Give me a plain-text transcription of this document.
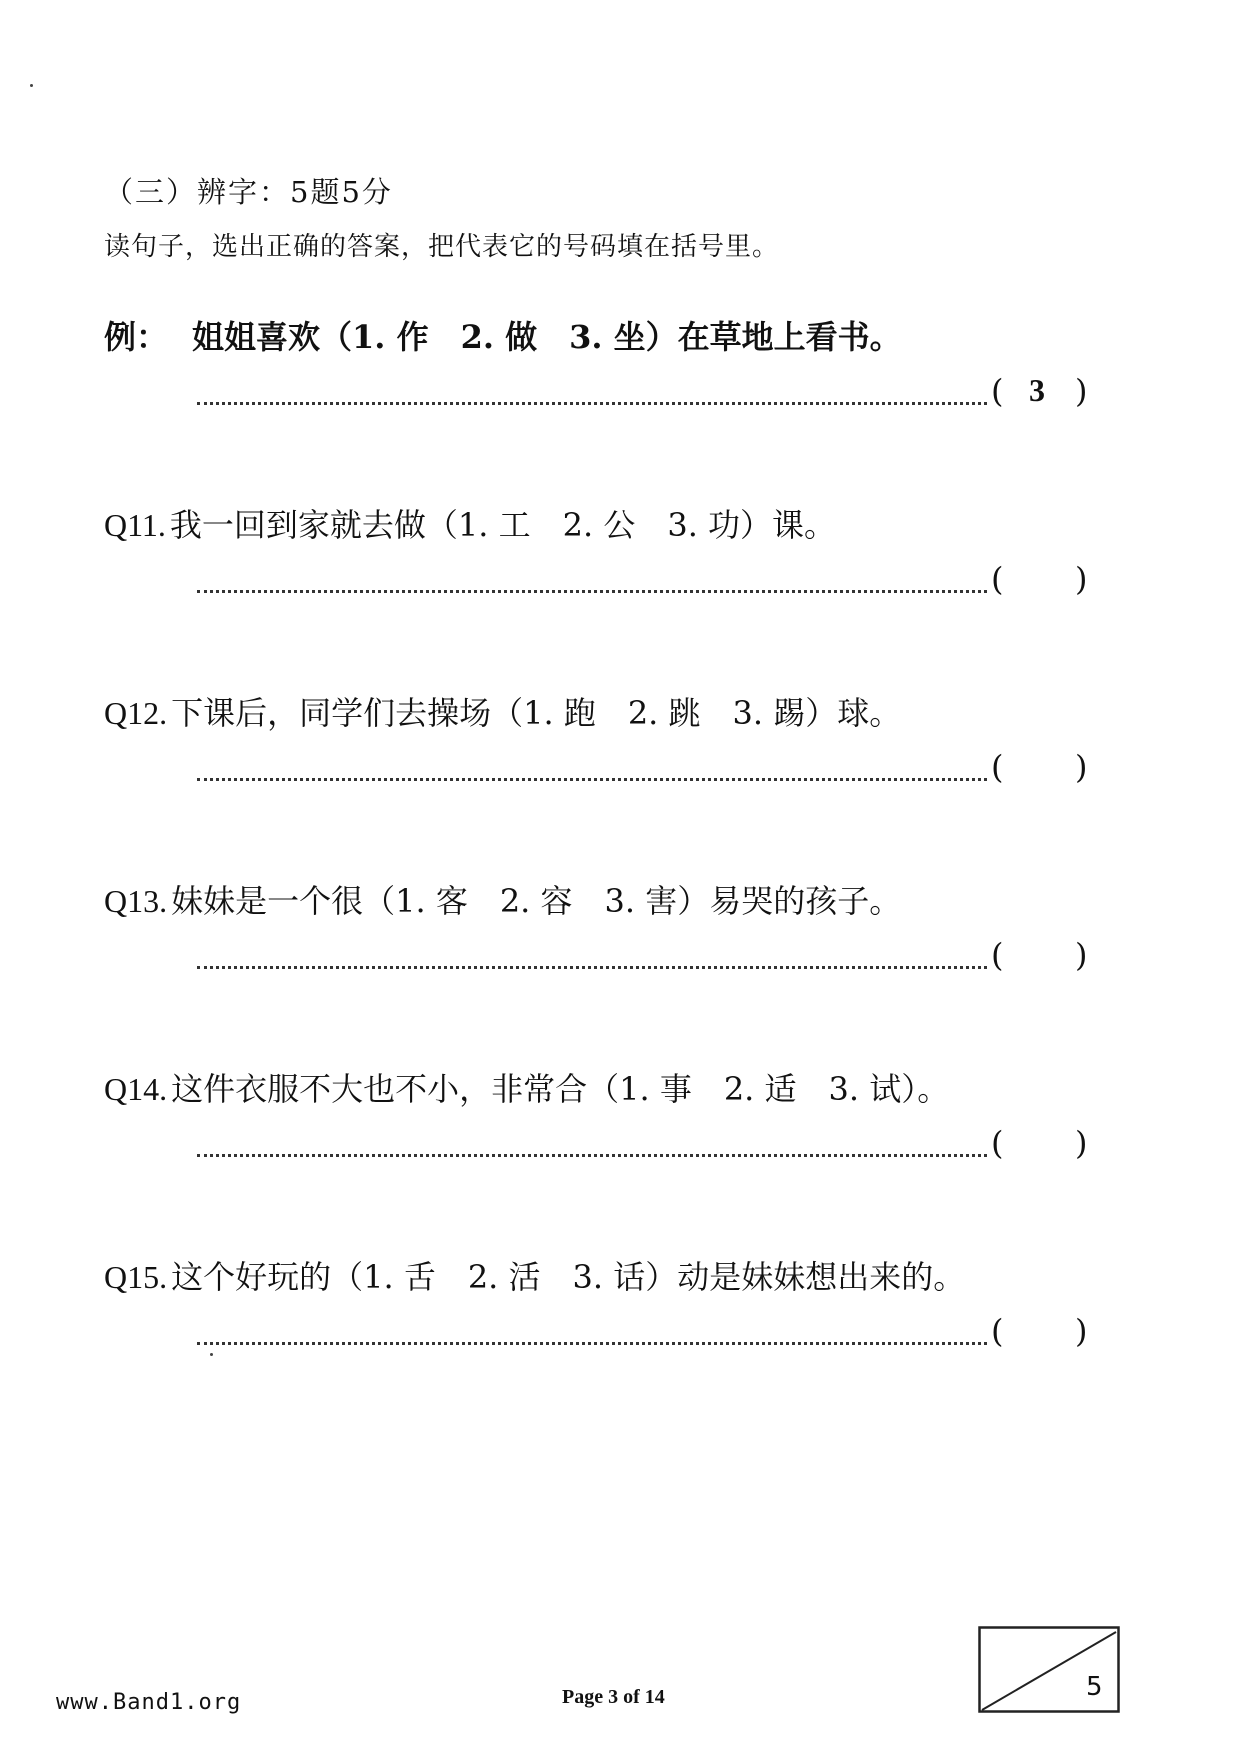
（三）辨字：5题5分
读句子，选出正确的答案，把代表它的号码填在括号里。
例： 姐姐喜欢（1. 作　2. 做　3. 坐）在草地上看书。
( 3 )
Q11. 我一回到家就去做（1. 工　2. 公　3. 功）课。
( )
Q12. 下课后，同学们去操场（1. 跑　2. 跳　3. 踢）球。
( )
Q13. 妹妹是一个很（1. 客　2. 容　3. 害）易哭的孩子。
( )
Q14. 这件衣服不大也不小，非常合（1. 事　2. 适　3. 试）。
( )
Q15. 这个好玩的（1. 舌　2. 活　3. 话）动是妹妹想出来的。
( )
www.Band1.org	Page 3 of 14	5
